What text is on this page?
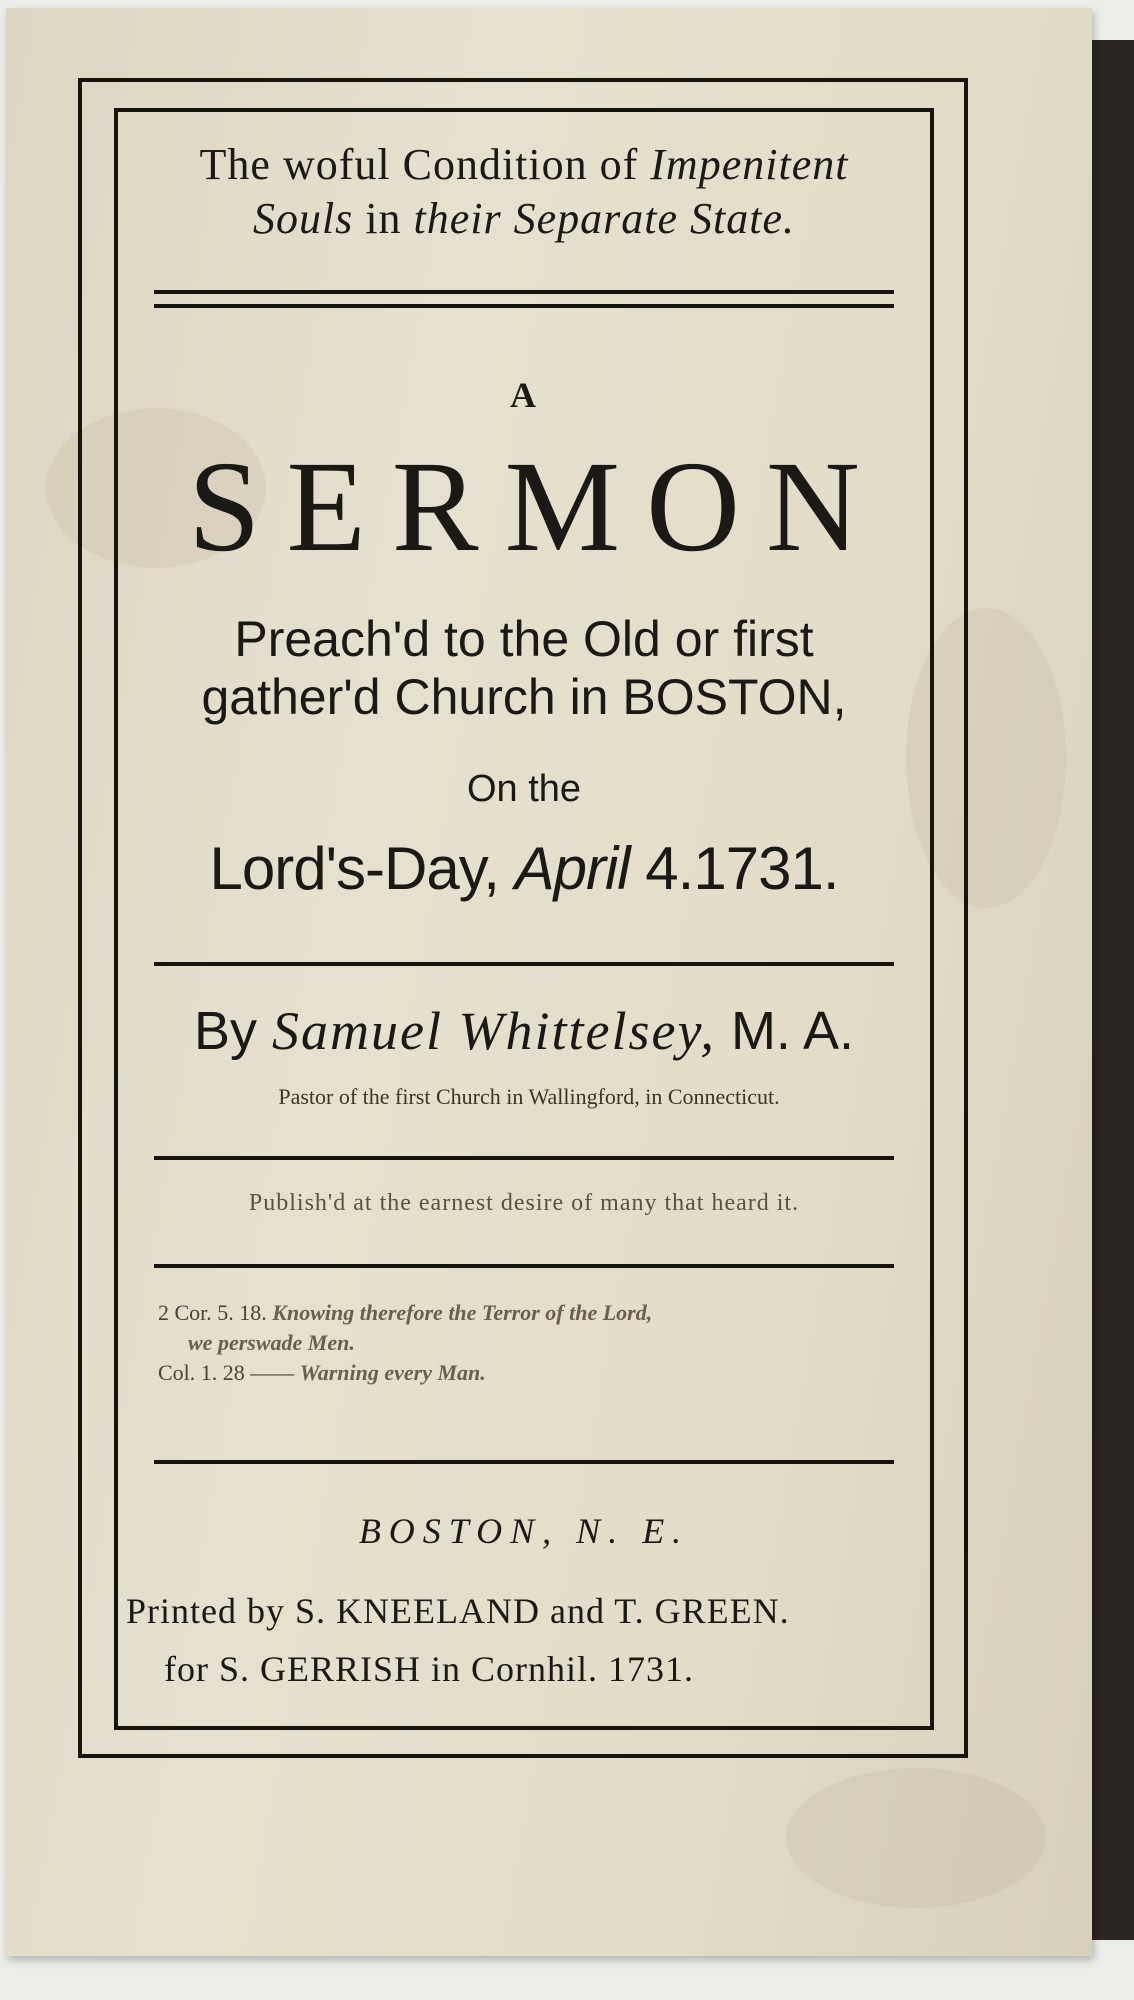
The woful Condition of Impenitent
Souls in their Separate State.
A
SERMON
Preach'd to the Old or first
gather'd Church in BOSTON,
On the
Lord's-Day, April 4.1731.
By Samuel Whittelsey, M. A.
Pastor of the first Church in Wallingford, in Connecticut.
Publish'd at the earnest desire of many that heard it.
2 Cor. 5. 18. Knowing therefore the Terror of the Lord,
we perswade Men.
Col. 1. 28 —— Warning every Man.
BOSTON, N. E.
Printed by S. KNEELAND and T. GREEN.
for S. GERRISH in Cornhil. 1731.
